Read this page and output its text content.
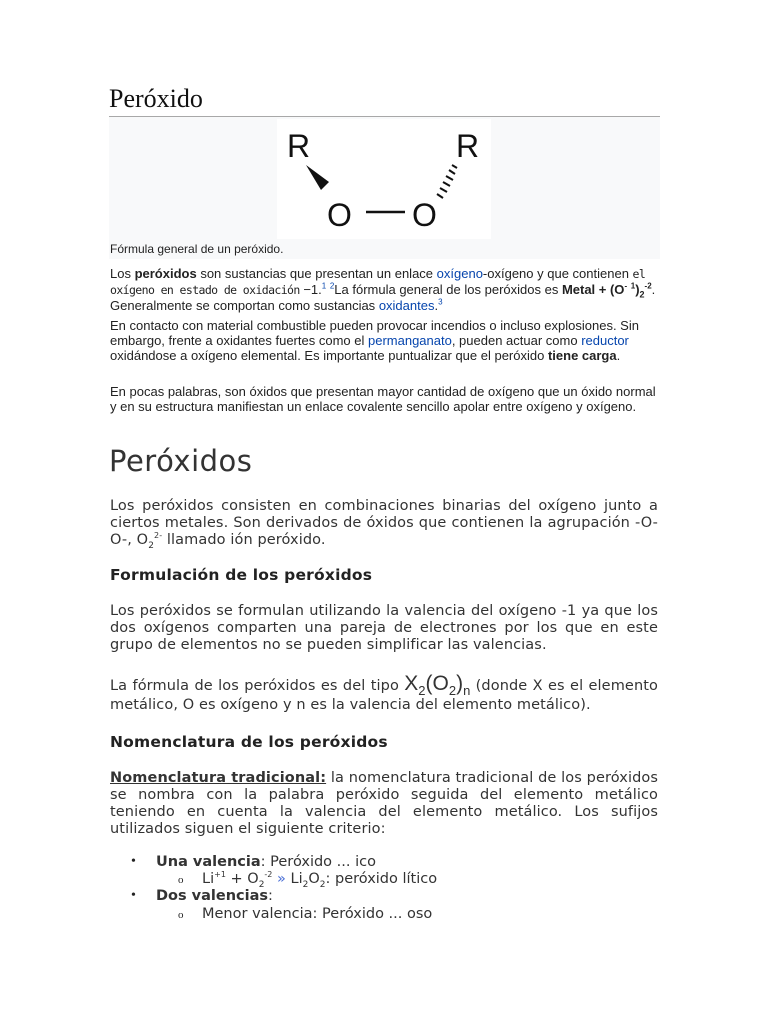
Peróxido
R	R
O O
Fórmula general de un peróxido.
Los peróxidos son sustancias que presentan un enlace oxígeno-oxígeno y que contienen el oxígeno en estado de oxidación −1.$^1$ $^2$La fórmula general de los peróxidos es Metal + (O- $^1)_2^{-2}$. Generalmente se comportan como sustancias oxidantes.$^3$
En contacto con material combustible pueden provocar incendios o incluso explosiones. Sin embargo, frente a oxidantes fuertes como el permanganato, pueden actuar como reductor oxidándose a oxígeno elemental. Es importante puntualizar que el peróxido tiene carga.
En pocas palabras, son óxidos que presentan mayor cantidad de oxígeno que un óxido normal y en su estructura manifiestan un enlace covalente sencillo apolar entre oxígeno y oxígeno.
Peróxidos
Los peróxidos consisten en combinaciones binarias del oxígeno junto a ciertos metales. Son derivados de óxidos que contienen la agrupación -O-O-, $O_2^{2-}$ llamado ión peróxido.
Formulación de los peróxidos
Los peróxidos se formulan utilizando la valencia del oxígeno -1 ya que los dos oxígenos comparten una pareja de electrones por los que en este grupo de elementos no se pueden simplificar las valencias.
La fórmula de los peróxidos es del tipo $X_2(O_2)_n$ (donde X es el elemento metálico, O es oxígeno y n es la valencia del elemento metálico).
Nomenclatura de los peróxidos
Nomenclatura tradicional: la nomenclatura tradicional de los peróxidos se nombra con la palabra peróxido seguida del elemento metálico teniendo en cuenta la valencia del elemento metálico. Los sufijos utilizados siguen el siguiente criterio:
• Una valencia: Peróxido ... ico
o $Li^{+1} + O_2^{-2}$ » $Li_2O_2$: peróxido lítico
• Dos valencias:
o Menor valencia: Peróxido ... oso
